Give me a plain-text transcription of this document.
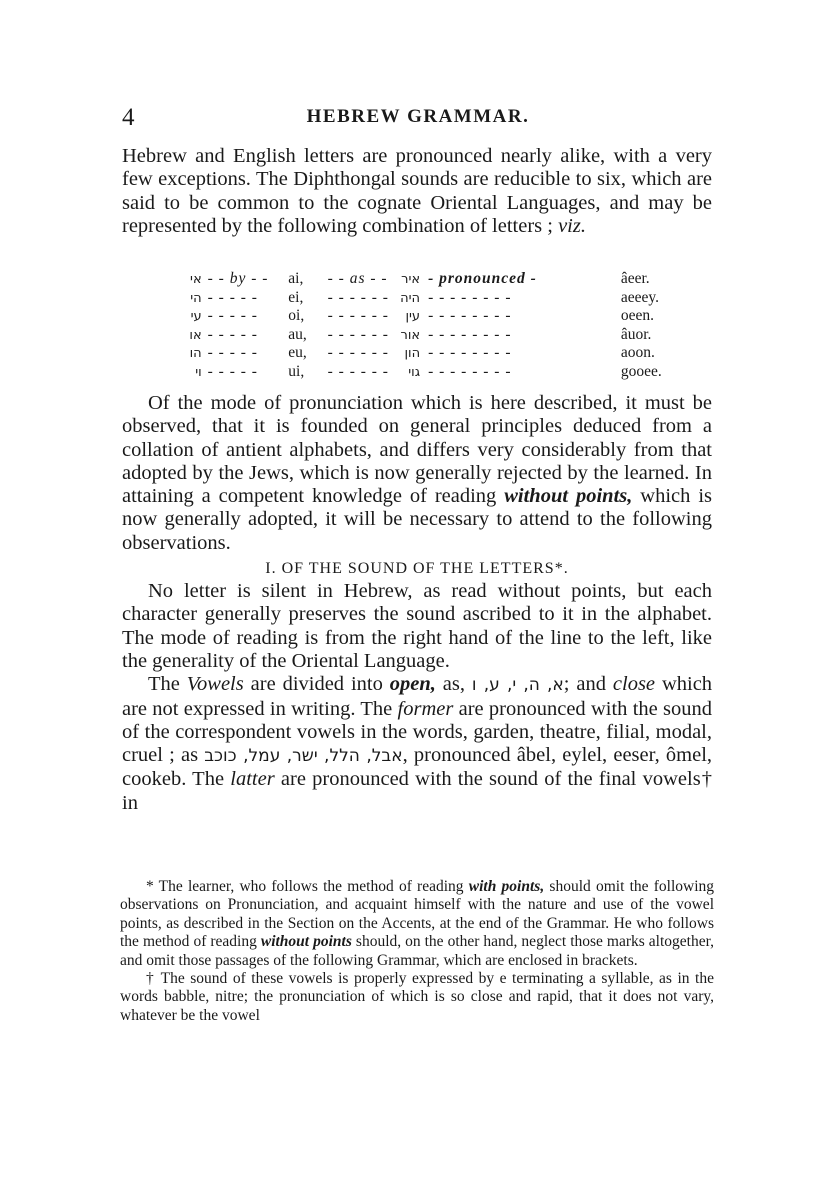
4	HEBREW GRAMMAR.

Hebrew and English letters are pronounced nearly alike, with a very few exceptions. The Diphthongal sounds are reducible to six, which are said to be common to the cognate Oriental Languages, and may be represented by the following combination of letters ; viz.

אי - - by - -	ai,	- - as - -	איר - pronounced -	âeer.
הי - - - - -	ei,	- - - - - - היה - - - - - - - -	aeeey.
עי - - - - -	oi,	- - - - - -	עין - - - - - - - -	oeen.
או - - - - -	au,	- - - - - - אור - - - - - - - -	âuor.
הו - - - - -	eu,	- - - - - -	הון - - - - - - - -	aoon.
וי - - - - -	ui,	- - - - - -	גוי - - - - - - - -	gooee.

Of the mode of pronunciation which is here described, it must be observed, that it is founded on general principles deduced from a collation of antient alphabets, and differs very considerably from that adopted by the Jews, which is now generally rejected by the learned. In attaining a competent knowledge of reading without points, which is now generally adopted, it will be necessary to attend to the following observations.

I. OF THE SOUND OF THE LETTERS*.

No letter is silent in Hebrew, as read without points, but each character generally preserves the sound ascribed to it in the alphabet. The mode of reading is from the right hand of the line to the left, like the generality of the Oriental Language.

The Vowels are divided into open, as, א, ה, י, ע, ו; and close which are not expressed in writing. The former are pronounced with the sound of the correspondent vowels in the words, garden, theatre, filial, modal, cruel ; as אבל, הלל, ישר, עמל, כוכב, pronounced âbel, eylel, eeser, ômel, cookeb. The latter are pronounced with the sound of the final vowels† in

* The learner, who follows the method of reading with points, should omit the following observations on Pronunciation, and acquaint himself with the nature and use of the vowel points, as described in the Section on the Accents, at the end of the Grammar. He who follows the method of reading without points should, on the other hand, neglect those marks altogether, and omit those passages of the following Grammar, which are enclosed in brackets.

† The sound of these vowels is properly expressed by e terminating a syllable, as in the words babble, nitre; the pronunciation of which is so close and rapid, that it does not vary, whatever be the vowel
